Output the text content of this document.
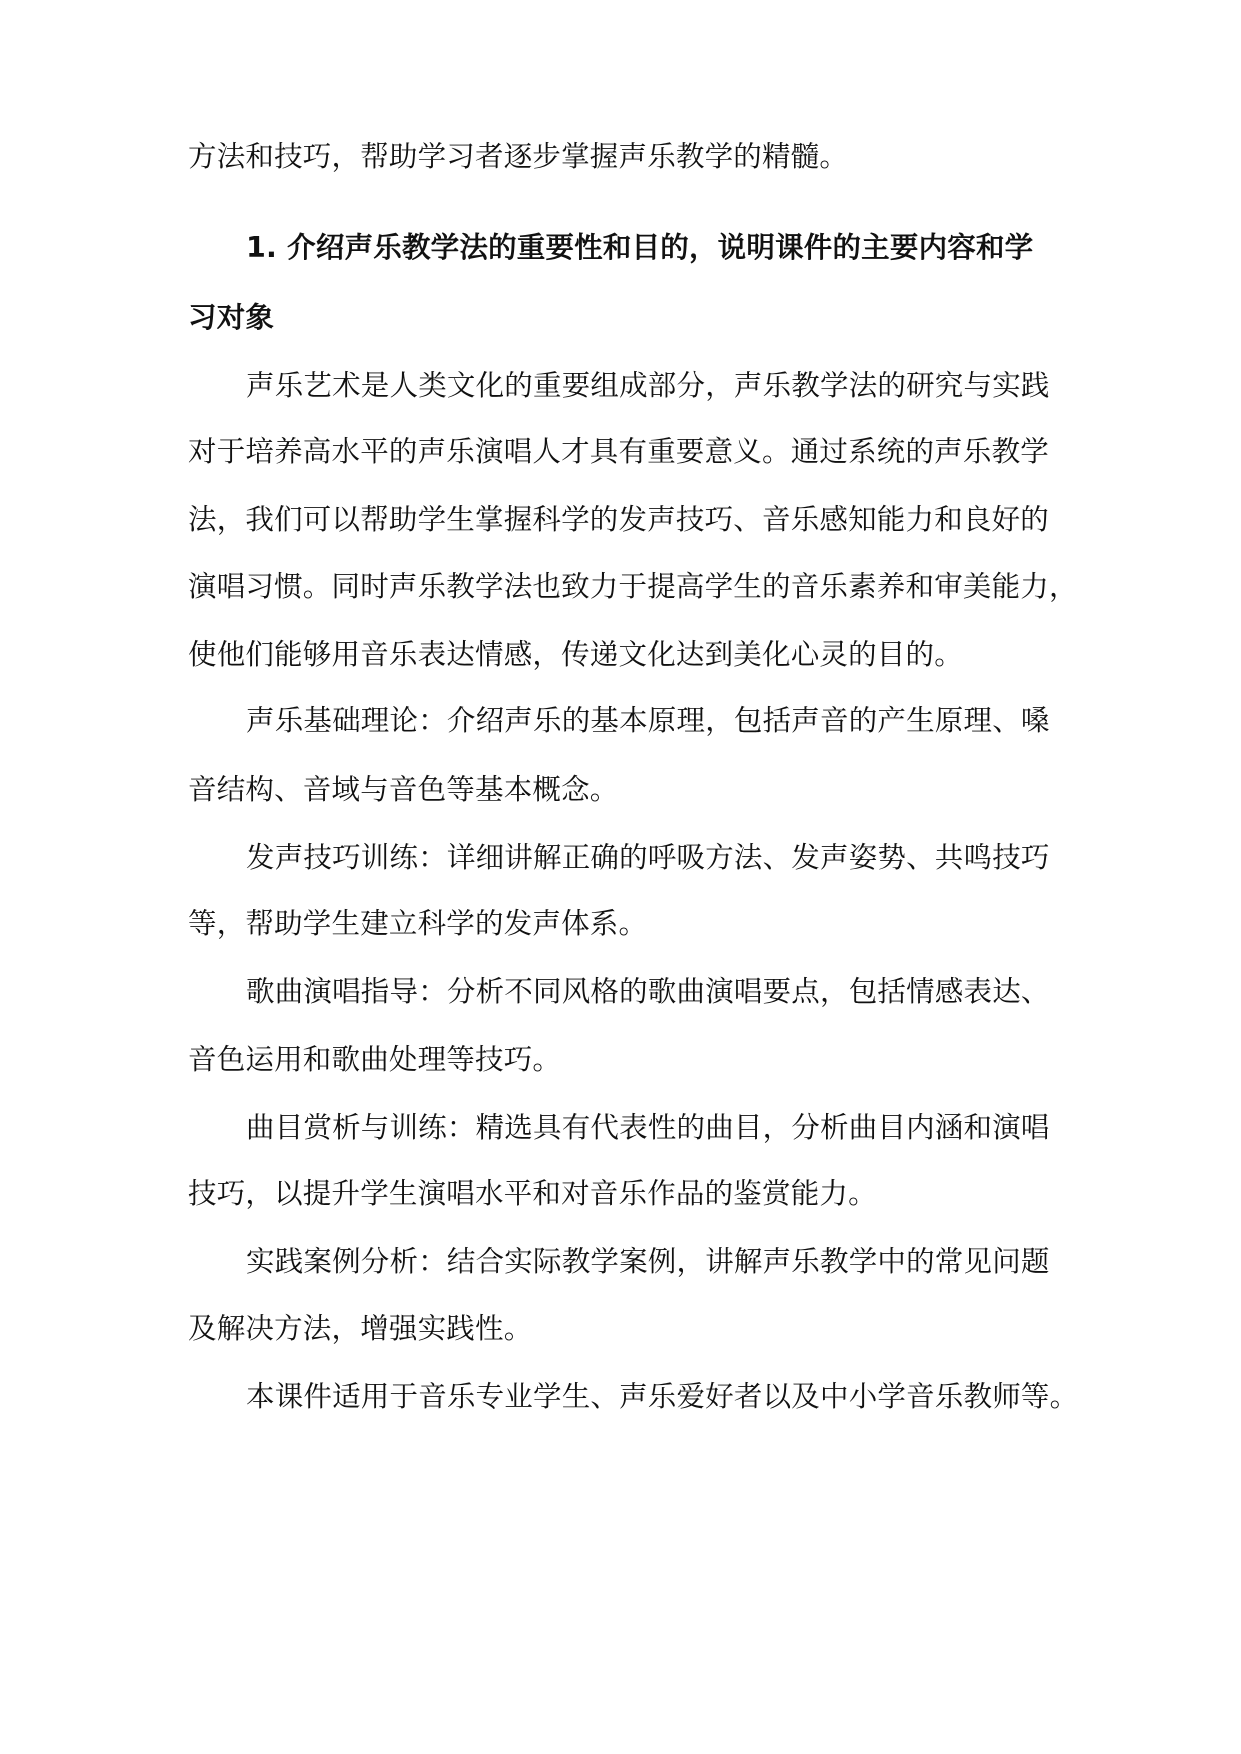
方法和技巧，帮助学习者逐步掌握声乐教学的精髓。
1. 介绍声乐教学法的重要性和目的，说明课件的主要内容和学
习对象
声乐艺术是人类文化的重要组成部分，声乐教学法的研究与实践
对于培养高水平的声乐演唱人才具有重要意义。通过系统的声乐教学
法，我们可以帮助学生掌握科学的发声技巧、音乐感知能力和良好的
演唱习惯。同时声乐教学法也致力于提高学生的音乐素养和审美能力，
使他们能够用音乐表达情感，传递文化达到美化心灵的目的。
声乐基础理论：介绍声乐的基本原理，包括声音的产生原理、嗓
音结构、音域与音色等基本概念。
发声技巧训练：详细讲解正确的呼吸方法、发声姿势、共鸣技巧
等，帮助学生建立科学的发声体系。
歌曲演唱指导：分析不同风格的歌曲演唱要点，包括情感表达、
音色运用和歌曲处理等技巧。
曲目赏析与训练：精选具有代表性的曲目，分析曲目内涵和演唱
技巧，以提升学生演唱水平和对音乐作品的鉴赏能力。
实践案例分析：结合实际教学案例，讲解声乐教学中的常见问题
及解决方法，增强实践性。
本课件适用于音乐专业学生、声乐爱好者以及中小学音乐教师等。
